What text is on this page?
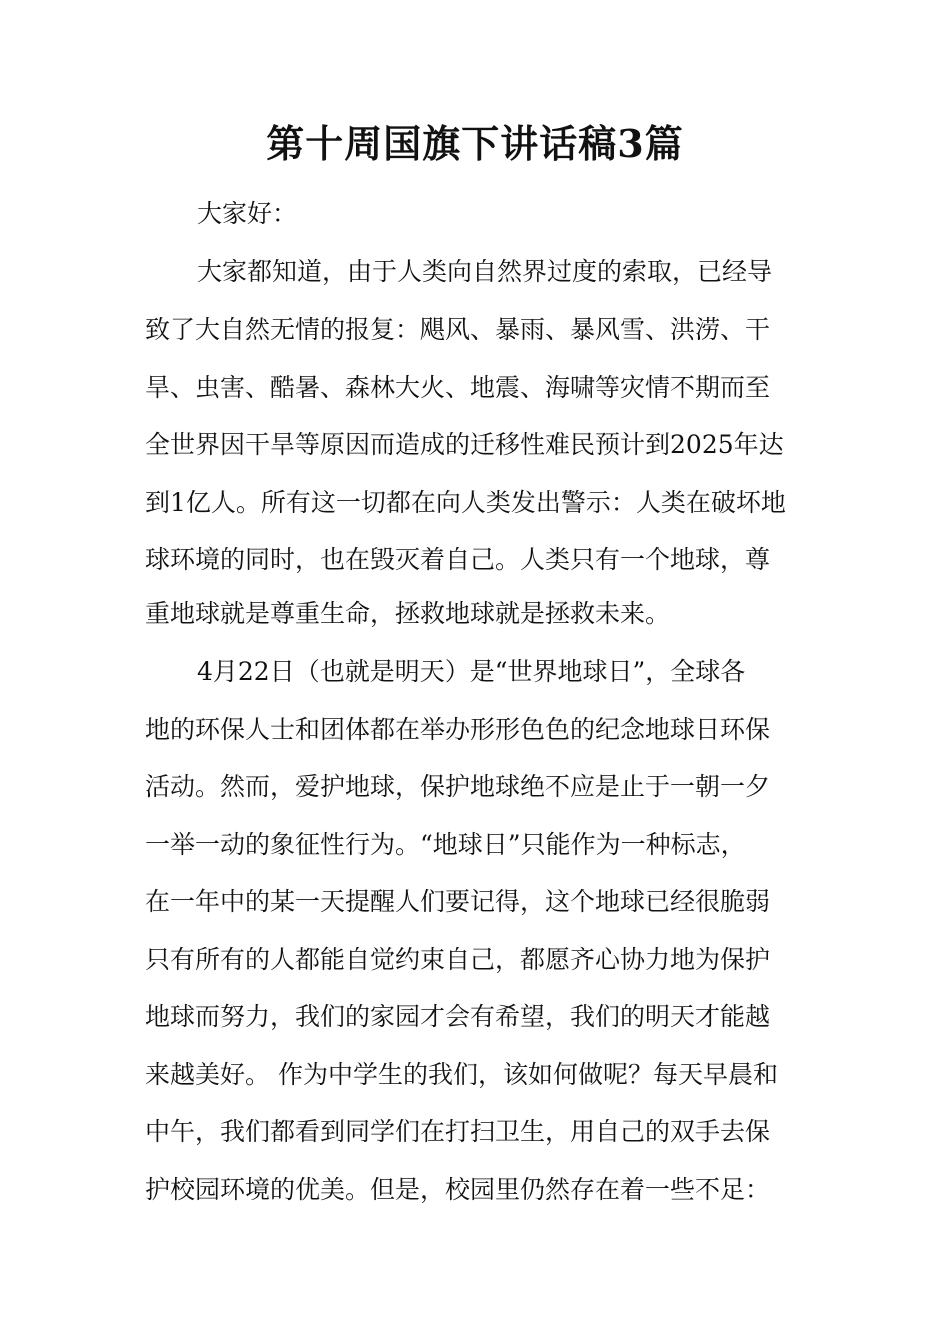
第十周国旗下讲话稿3篇
大家好：
大家都知道，由于人类向自然界过度的索取，已经导
致了大自然无情的报复：飓风、暴雨、暴风雪、洪涝、干
旱、虫害、酷暑、森林大火、地震、海啸等灾情不期而至
全世界因干旱等原因而造成的迁移性难民预计到2025年达
到1亿人。所有这一切都在向人类发出警示：人类在破坏地
球环境的同时，也在毁灭着自己。人类只有一个地球，尊
重地球就是尊重生命，拯救地球就是拯救未来。
4月22日（也就是明天）是“世界地球日”，全球各
地的环保人士和团体都在举办形形色色的纪念地球日环保
活动。然而，爱护地球，保护地球绝不应是止于一朝一夕
一举一动的象征性行为。“地球日”只能作为一种标志，
在一年中的某一天提醒人们要记得，这个地球已经很脆弱
只有所有的人都能自觉约束自己，都愿齐心协力地为保护
地球而努力，我们的家园才会有希望，我们的明天才能越
来越美好。 作为中学生的我们，该如何做呢？每天早晨和
中午，我们都看到同学们在打扫卫生，用自己的双手去保
护校园环境的优美。但是，校园里仍然存在着一些不足：
